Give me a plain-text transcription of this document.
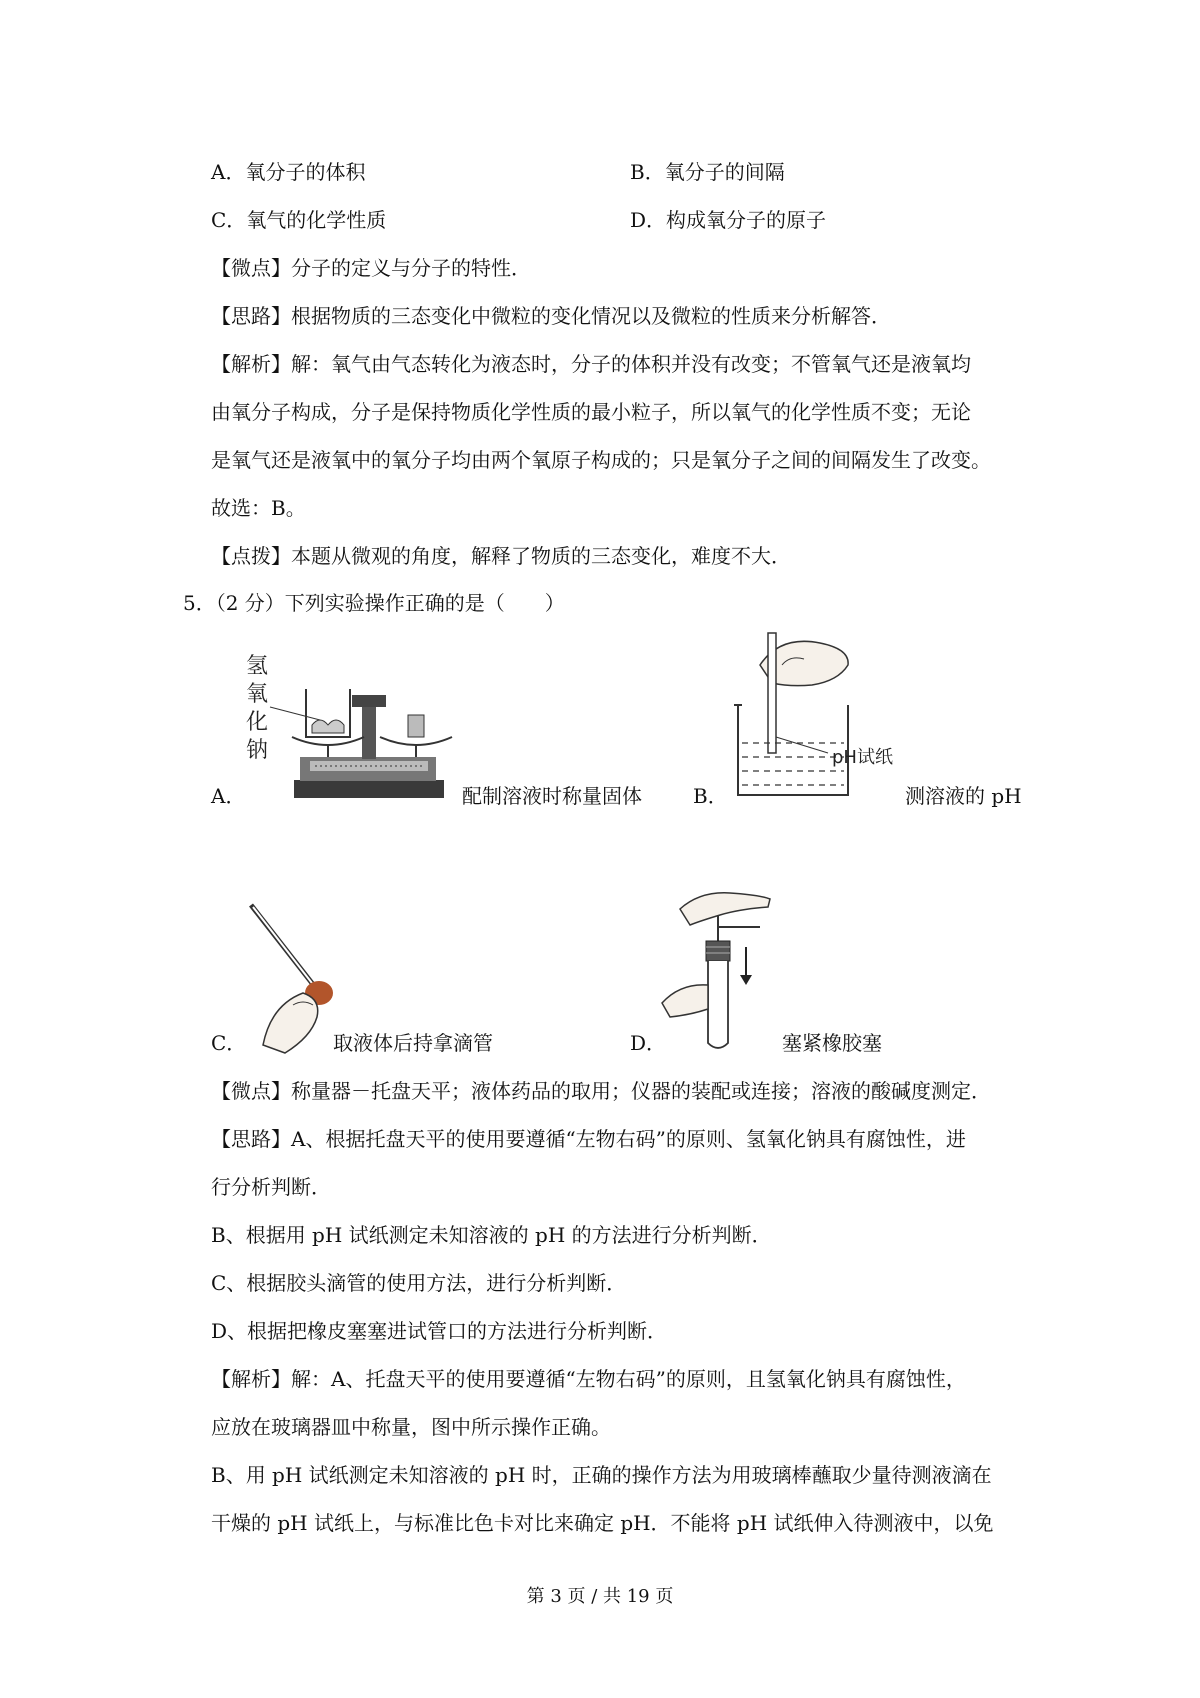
A．氧分子的体积	B．氧分子的间隔
C．氧气的化学性质	D．构成氧分子的原子
【微点】分子的定义与分子的特性．
【思路】根据物质的三态变化中微粒的变化情况以及微粒的性质来分析解答．
【解析】解：氧气由气态转化为液态时，分子的体积并没有改变；不管氧气还是液氧均
由氧分子构成，分子是保持物质化学性质的最小粒子，所以氧气的化学性质不变；无论
是氧气还是液氧中的氧分子均由两个氧原子构成的；只是氧分子之间的间隔发生了改变。
故选：B。
【点拨】本题从微观的角度，解释了物质的三态变化，难度不大．
5．（2 分）下列实验操作正确的是（　　）
A．
氢
氧
化
钠
配制溶液时称量固体	B．
pH试纸
测溶液的 pH
C．	取液体后持拿滴管	D．	塞紧橡胶塞
【微点】称量器－托盘天平；液体药品的取用；仪器的装配或连接；溶液的酸碱度测定．
【思路】A、根据托盘天平的使用要遵循“左物右码”的原则、氢氧化钠具有腐蚀性，进
行分析判断．
B、根据用 pH 试纸测定未知溶液的 pH 的方法进行分析判断．
C、根据胶头滴管的使用方法，进行分析判断．
D、根据把橡皮塞塞进试管口的方法进行分析判断．
【解析】解：A、托盘天平的使用要遵循“左物右码”的原则，且氢氧化钠具有腐蚀性，
应放在玻璃器皿中称量，图中所示操作正确。
B、用 pH 试纸测定未知溶液的 pH 时，正确的操作方法为用玻璃棒蘸取少量待测液滴在
干燥的 pH 试纸上，与标准比色卡对比来确定 pH．不能将 pH 试纸伸入待测液中，以免
第 3 页 / 共 19 页
